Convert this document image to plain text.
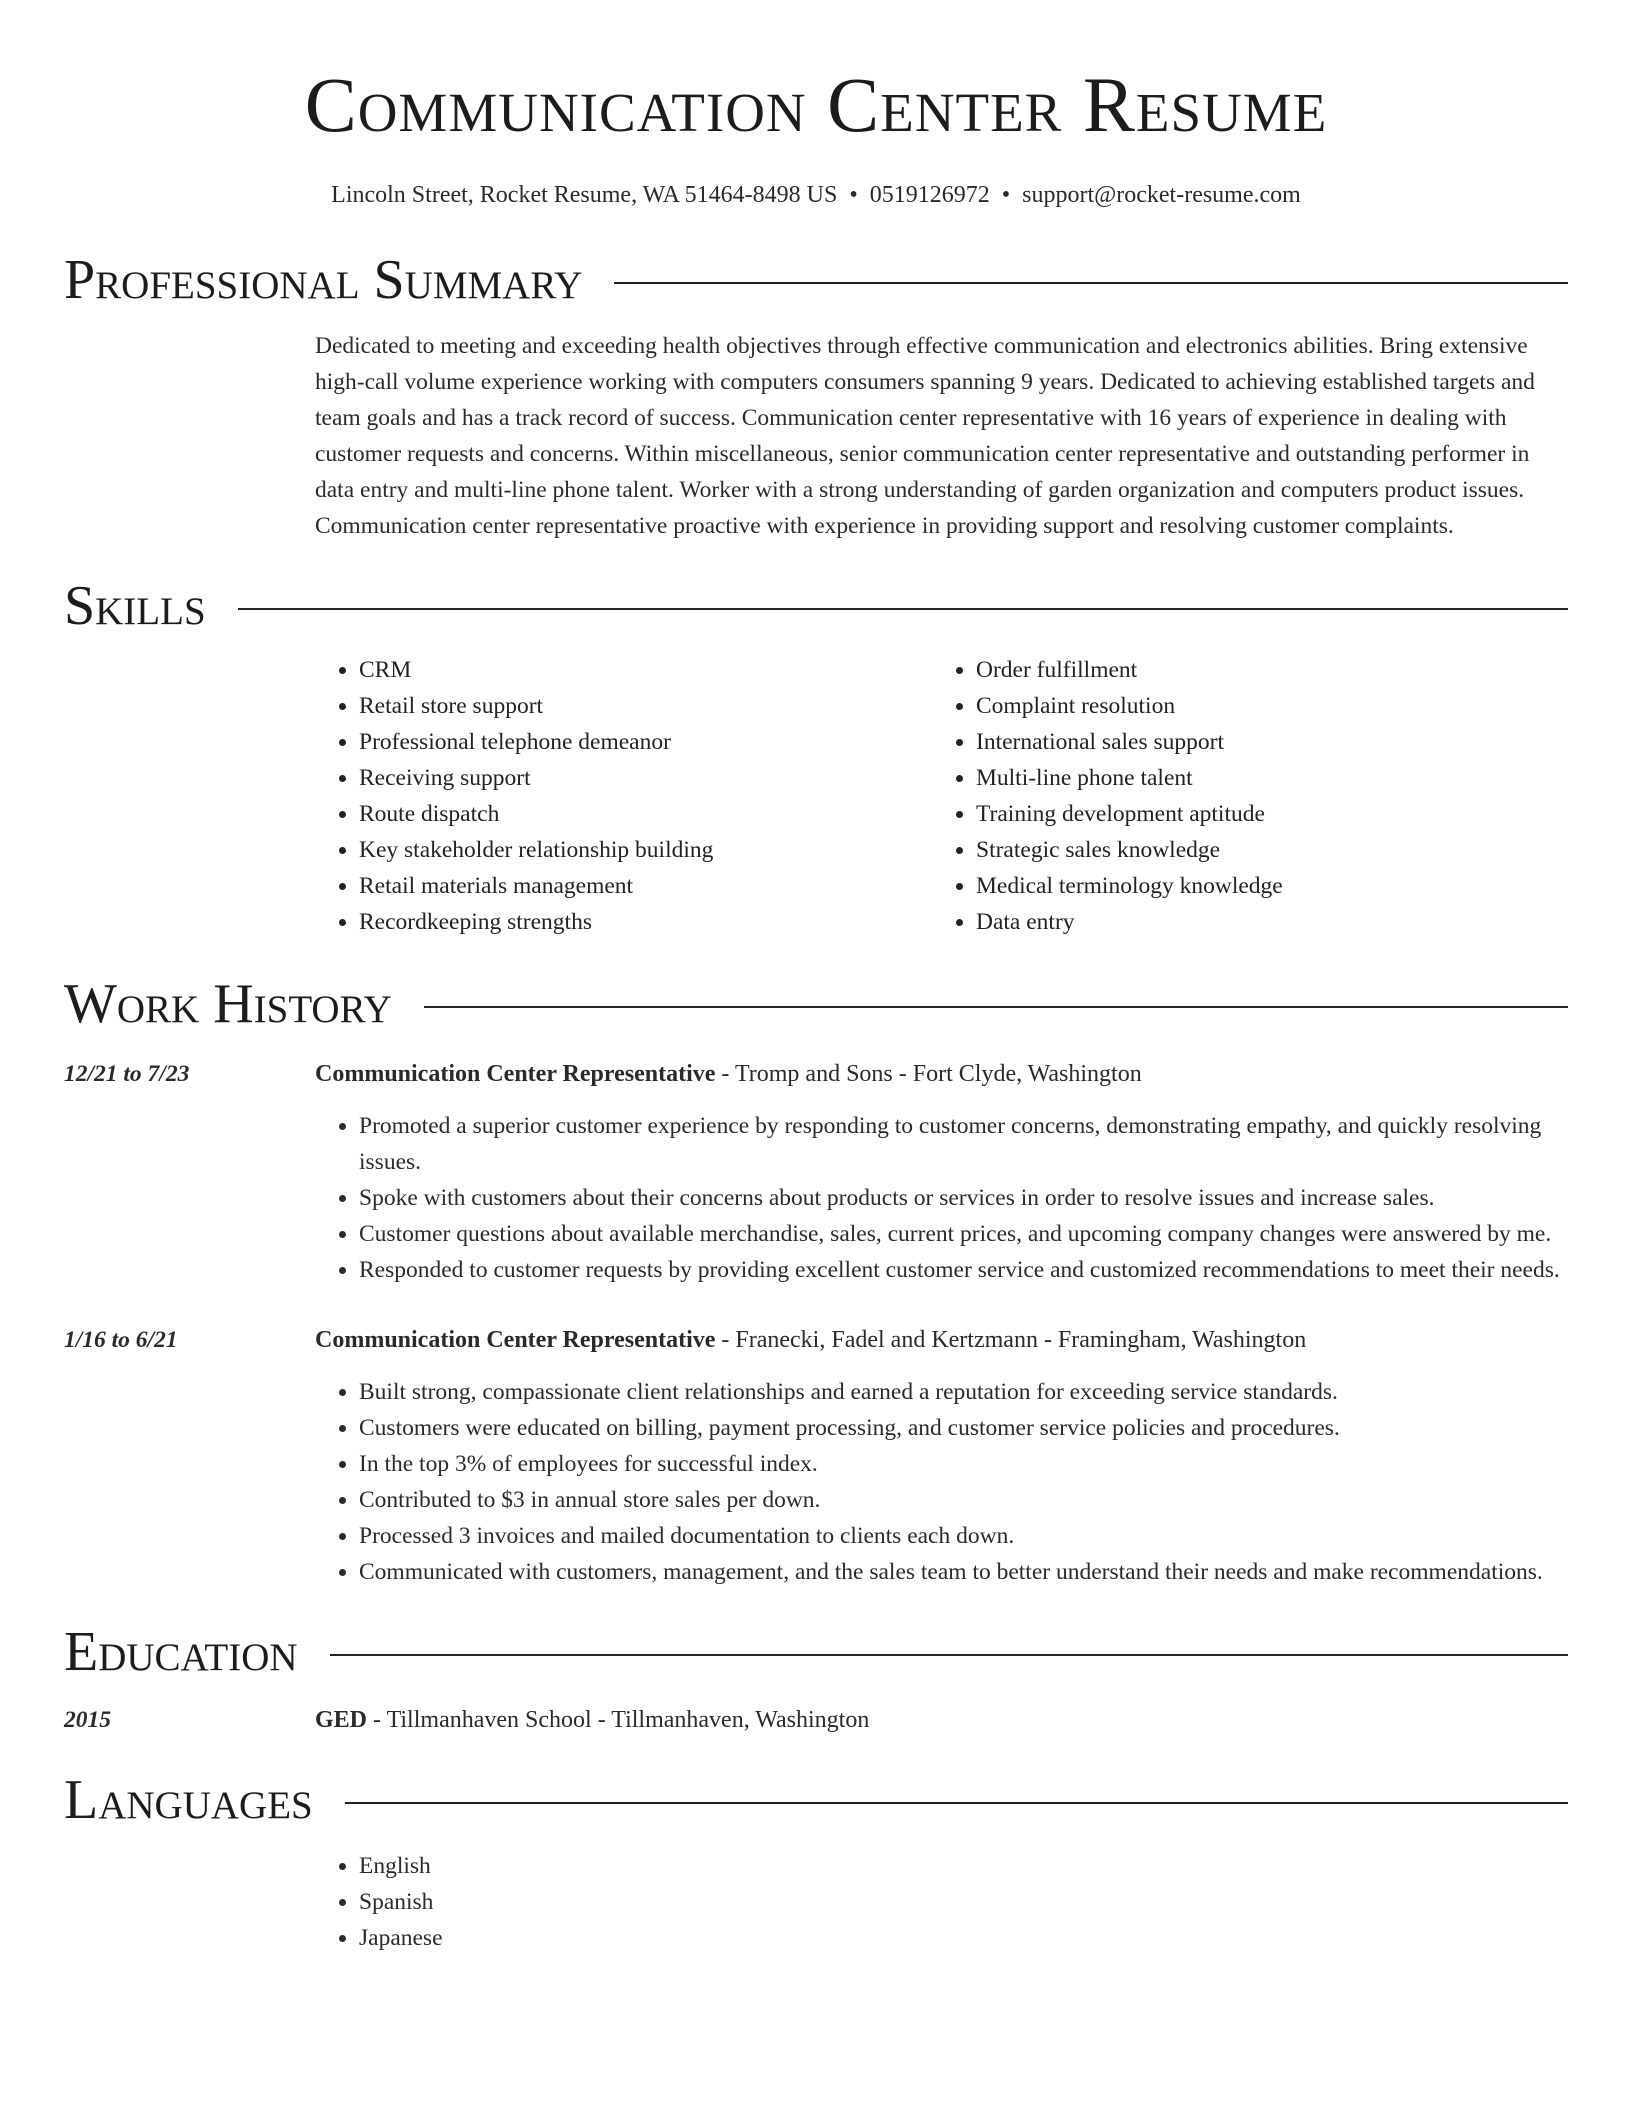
Communication Center Resume
Lincoln Street, Rocket Resume, WA 51464-8498 US • 0519126972 • support@rocket-resume.com
Professional Summary
Dedicated to meeting and exceeding health objectives through effective communication and electronics abilities. Bring extensive high-call volume experience working with computers consumers spanning 9 years. Dedicated to achieving established targets and team goals and has a track record of success. Communication center representative with 16 years of experience in dealing with customer requests and concerns. Within miscellaneous, senior communication center representative and outstanding performer in data entry and multi-line phone talent. Worker with a strong understanding of garden organization and computers product issues. Communication center representative proactive with experience in providing support and resolving customer complaints.
Skills
• CRM
• Retail store support
• Professional telephone demeanor
• Receiving support
• Route dispatch
• Key stakeholder relationship building
• Retail materials management
• Recordkeeping strengths
• Order fulfillment
• Complaint resolution
• International sales support
• Multi-line phone talent
• Training development aptitude
• Strategic sales knowledge
• Medical terminology knowledge
• Data entry
Work History
12/21 to 7/23	Communication Center Representative - Tromp and Sons - Fort Clyde, Washington
• Promoted a superior customer experience by responding to customer concerns, demonstrating empathy, and quickly resolving issues.
• Spoke with customers about their concerns about products or services in order to resolve issues and increase sales.
• Customer questions about available merchandise, sales, current prices, and upcoming company changes were answered by me.
• Responded to customer requests by providing excellent customer service and customized recommendations to meet their needs.
1/16 to 6/21	Communication Center Representative - Franecki, Fadel and Kertzmann - Framingham, Washington
• Built strong, compassionate client relationships and earned a reputation for exceeding service standards.
• Customers were educated on billing, payment processing, and customer service policies and procedures.
• In the top 3% of employees for successful index.
• Contributed to $3 in annual store sales per down.
• Processed 3 invoices and mailed documentation to clients each down.
• Communicated with customers, management, and the sales team to better understand their needs and make recommendations.
Education
2015	GED - Tillmanhaven School - Tillmanhaven, Washington
Languages
• English
• Spanish
• Japanese
